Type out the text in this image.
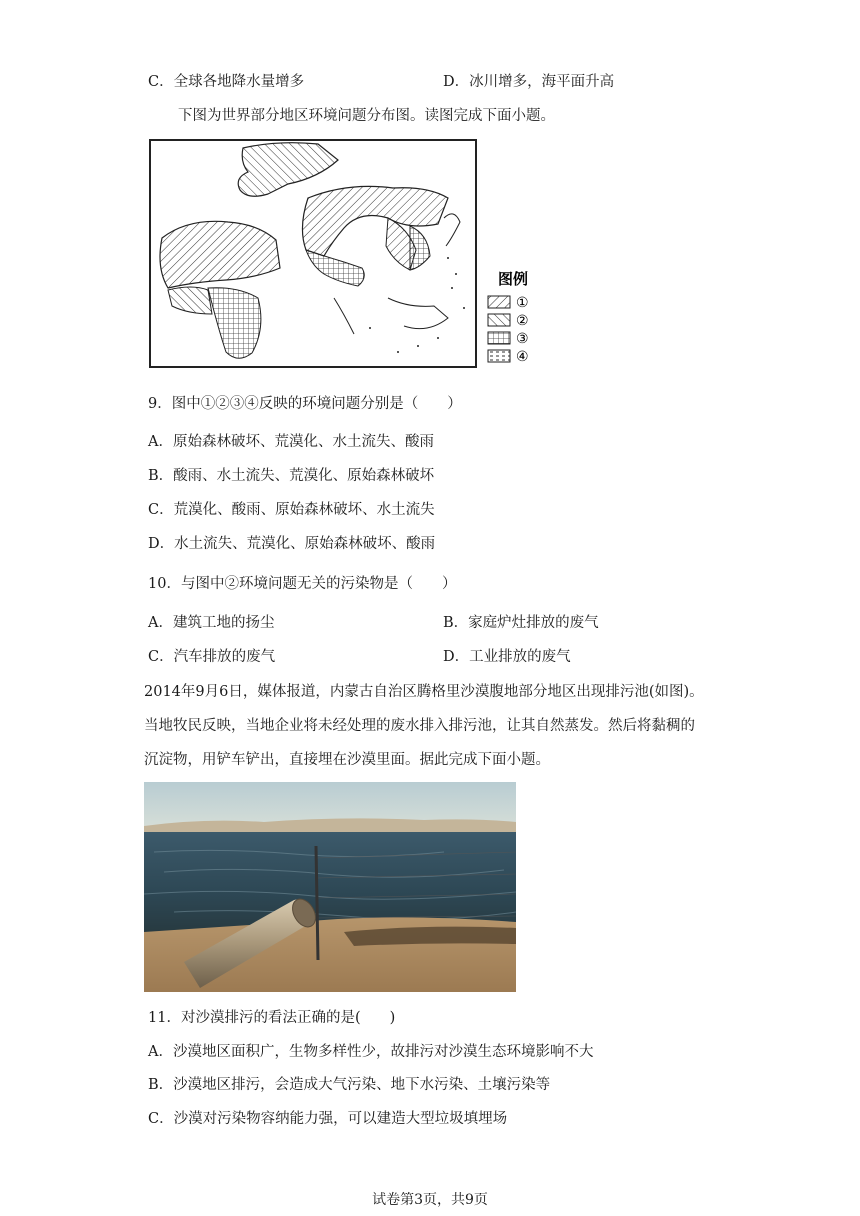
C．全球各地降水量增多	D．冰川增多，海平面升高
下图为世界部分地区环境问题分布图。读图完成下面小题。
图例
①
②
③
④
9．图中①②③④反映的环境问题分别是（　　）
A．原始森林破坏、荒漠化、水土流失、酸雨
B．酸雨、水土流失、荒漠化、原始森林破坏
C．荒漠化、酸雨、原始森林破坏、水土流失
D．水土流失、荒漠化、原始森林破坏、酸雨
10．与图中②环境问题无关的污染物是（　　）
A．建筑工地的扬尘	B．家庭炉灶排放的废气
C．汽车排放的废气	D．工业排放的废气
2014年9月6日，媒体报道，内蒙古自治区腾格里沙漠腹地部分地区出现排污池(如图)。
当地牧民反映，当地企业将未经处理的废水排入排污池，让其自然蒸发。然后将黏稠的
沉淀物，用铲车铲出，直接埋在沙漠里面。据此完成下面小题。
11．对沙漠排污的看法正确的是(　　)
A．沙漠地区面积广，生物多样性少，故排污对沙漠生态环境影响不大
B．沙漠地区排污，会造成大气污染、地下水污染、土壤污染等
C．沙漠对污染物容纳能力强，可以建造大型垃圾填埋场
试卷第3页，共9页
